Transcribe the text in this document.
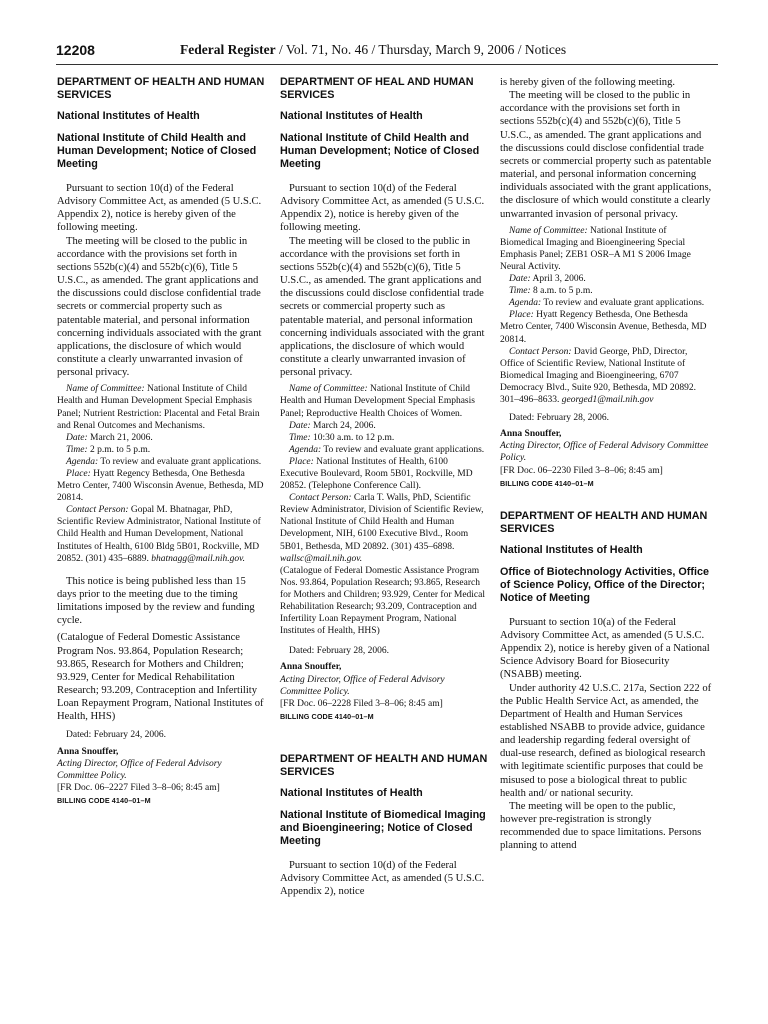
12208	Federal Register / Vol. 71, No. 46 / Thursday, March 9, 2006 / Notices

DEPARTMENT OF HEALTH AND HUMAN SERVICES

National Institutes of Health

National Institute of Child Health and Human Development; Notice of Closed Meeting

Pursuant to section 10(d) of the Federal Advisory Committee Act, as amended (5 U.S.C. Appendix 2), notice is hereby given of the following meeting.

The meeting will be closed to the public in accordance with the provisions set forth in sections 552b(c)(4) and 552b(c)(6), Title 5 U.S.C., as amended. The grant applications and the discussions could disclose confidential trade secrets or commercial property such as patentable material, and personal information concerning individuals associated with the grant applications, the disclosure of which would constitute a clearly unwarranted invasion of personal privacy.

Name of Committee: National Institute of Child Health and Human Development Special Emphasis Panel; Nutrient Restriction: Placental and Fetal Brain and Renal Outcomes and Mechanisms.

Date: March 21, 2006.

Time: 2 p.m. to 5 p.m.

Agenda: To review and evaluate grant applications.

Place: Hyatt Regency Bethesda, One Bethesda Metro Center, 7400 Wisconsin Avenue, Bethesda, MD 20814.

Contact Person: Gopal M. Bhatnagar, PhD, Scientific Review Administrator, National Institute of Child Health and Human Development, National Institutes of Health, 6100 Bldg 5B01, Rockville, MD 20852. (301) 435–6889. bhatnagg@mail.nih.gov.

This notice is being published less than 15 days prior to the meeting due to the timing limitations imposed by the review and funding cycle.

(Catalogue of Federal Domestic Assistance Program Nos. 93.864, Population Research; 93.865, Research for Mothers and Children; 93.929, Center for Medical Rehabilitation Research; 93.209, Contraception and Infertility Loan Repayment Program, National Institutes of Health, HHS)

Dated: February 24, 2006.

Anna Snouffer,

Acting Director, Office of Federal Advisory Committee Policy.

[FR Doc. 06–2227 Filed 3–8–06; 8:45 am]

BILLING CODE 4140–01–M

DEPARTMENT OF HEAL AND HUMAN SERVICES

National Institutes of Health

National Institute of Child Health and Human Development; Notice of Closed Meeting

Pursuant to section 10(d) of the Federal Advisory Committee Act, as amended (5 U.S.C. Appendix 2), notice is hereby given of the following meeting.

The meeting will be closed to the public in accordance with the provisions set forth in sections 552b(c)(4) and 552b(c)(6), Title 5 U.S.C., as amended. The grant applications and the discussions could disclose confidential trade secrets or commercial property such as patentable material, and personal information concerning individuals associated with the grant applications, the disclosure of which would constitute a clearly unwarranted invasion of personal privacy.

Name of Committee: National Institute of Child Health and Human Development Special Emphasis Panel; Reproductive Health Choices of Women.

Date: March 24, 2006.

Time: 10:30 a.m. to 12 p.m.

Agenda: To review and evaluate grant applications.

Place: National Institutes of Health, 6100 Executive Boulevard, Room 5B01, Rockville, MD 20852. (Telephone Conference Call).

Contact Person: Carla T. Walls, PhD, Scientific Review Administrator, Division of Scientific Review, National Institute of Child Health and Human Development, NIH, 6100 Executive Blvd., Room 5B01, Bethesda, MD 20892. (301) 435–6898. wallsc@mail.nih.gov.

(Catalogue of Federal Domestic Assistance Program Nos. 93.864, Population Research; 93.865, Research for Mothers and Children; 93.929, Center for Medical Rehabilitation Research; 93.209, Contraception and Infertility Loan Repayment Program, National Institutes of Health, HHS)

Dated: February 28, 2006.

Anna Snouffer,

Acting Director, Office of Federal Advisory Committee Policy.

[FR Doc. 06–2228 Filed 3–8–06; 8:45 am]

BILLING CODE 4140–01–M

DEPARTMENT OF HEALTH AND HUMAN SERVICES

National Institutes of Health

National Institute of Biomedical Imaging and Bioengineering; Notice of Closed Meeting

Pursuant to section 10(d) of the Federal Advisory Committee Act, as amended (5 U.S.C. Appendix 2), notice

is hereby given of the following meeting.

The meeting will be closed to the public in accordance with the provisions set forth in sections 552b(c)(4) and 552b(c)(6), Title 5 U.S.C., as amended. The grant applications and the discussions could disclose confidential trade secrets or commercial property such as patentable material, and personal information concerning individuals associated with the grant applications, the disclosure of which would constitute a clearly unwarranted invasion of personal privacy.

Name of Committee: National Institute of Biomedical Imaging and Bioengineering Special Emphasis Panel; ZEB1 OSR–A M1 S 2006 Image Neural Activity.

Date: April 3, 2006.

Time: 8 a.m. to 5 p.m.

Agenda: To review and evaluate grant applications.

Place: Hyatt Regency Bethesda, One Bethesda Metro Center, 7400 Wisconsin Avenue, Bethesda, MD 20814.

Contact Person: David George, PhD, Director, Office of Scientific Review, National Institute of Biomedical Imaging and Bioengineering, 6707 Democracy Blvd., Suite 920, Bethesda, MD 20892. 301–496–8633. georged1@mail.nih.gov

Dated: February 28, 2006.

Anna Snouffer,

Acting Director, Office of Federal Advisory Committee Policy.

[FR Doc. 06–2230 Filed 3–8–06; 8:45 am]

BILLING CODE 4140–01–M

DEPARTMENT OF HEALTH AND HUMAN SERVICES

National Institutes of Health

Office of Biotechnology Activities, Office of Science Policy, Office of the Director; Notice of Meeting

Pursuant to section 10(a) of the Federal Advisory Committee Act, as amended (5 U.S.C. Appendix 2), notice is hereby given of a National Science Advisory Board for Biosecurity (NSABB) meeting.

Under authority 42 U.S.C. 217a, Section 222 of the Public Health Service Act, as amended, the Department of Health and Human Services established NSABB to provide advice, guidance and leadership regarding federal oversight of dual-use research, defined as biological research with legitimate scientific purposes that could be misused to pose a biological threat to public health and/ or national security.

The meeting will be open to the public, however pre-registration is strongly recommended due to space limitations. Persons planning to attend
